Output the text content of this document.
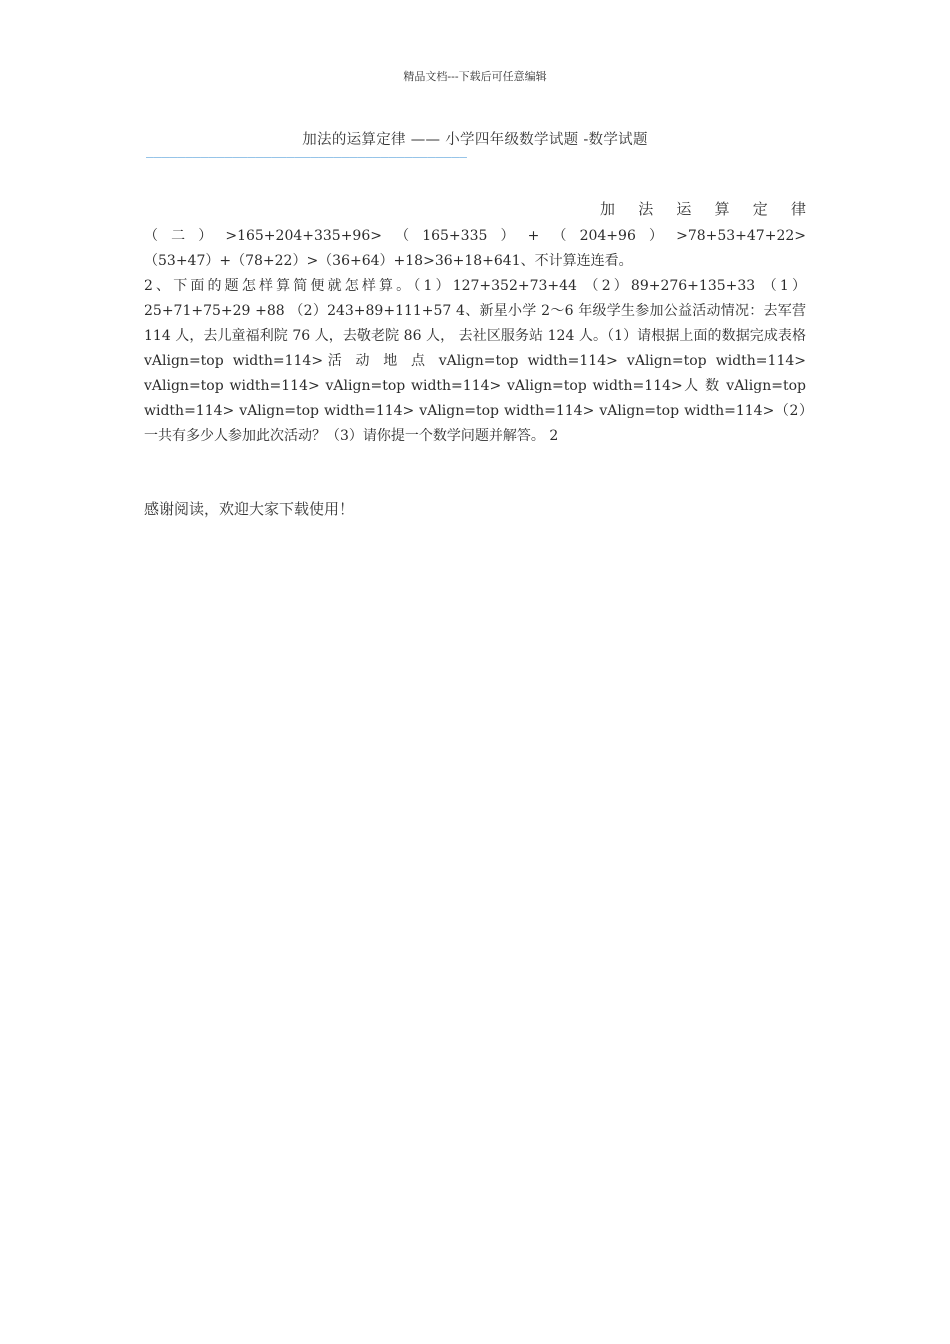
精品文档---下载后可任意编辑
加法的运算定律 —— 小学四年级数学试题 -数学试题
—————————————————————————————————————————
加 法 运 算 定 律
（二）>165+204+335+96>（165+335）+（204+96）>78+53+47+22>（53+47）+（78+22）>（36+64）+18>36+18+641、不计算连连看。
2、下面的题怎样算简便就怎样算。（1）127+352+73+44 （2）89+276+135+33 （1）25+71+75+29 +88 （2）243+89+111+57 4、新星小学 2～6 年级学生参加公益活动情况：去军营 114 人，去儿童福利院 76 人，去敬老院 86 人， 去社区服务站 124 人。（1）请根据上面的数据完成表格 vAlign=top width=114>活 动 地 点 vAlign=top width=114> vAlign=top width=114> vAlign=top width=114> vAlign=top width=114> vAlign=top width=114>人 数 vAlign=top width=114> vAlign=top width=114> vAlign=top width=114> vAlign=top width=114>（2）一共有多少人参加此次活动？（3）请你提一个数学问题并解答。 2
感谢阅读，欢迎大家下载使用！
